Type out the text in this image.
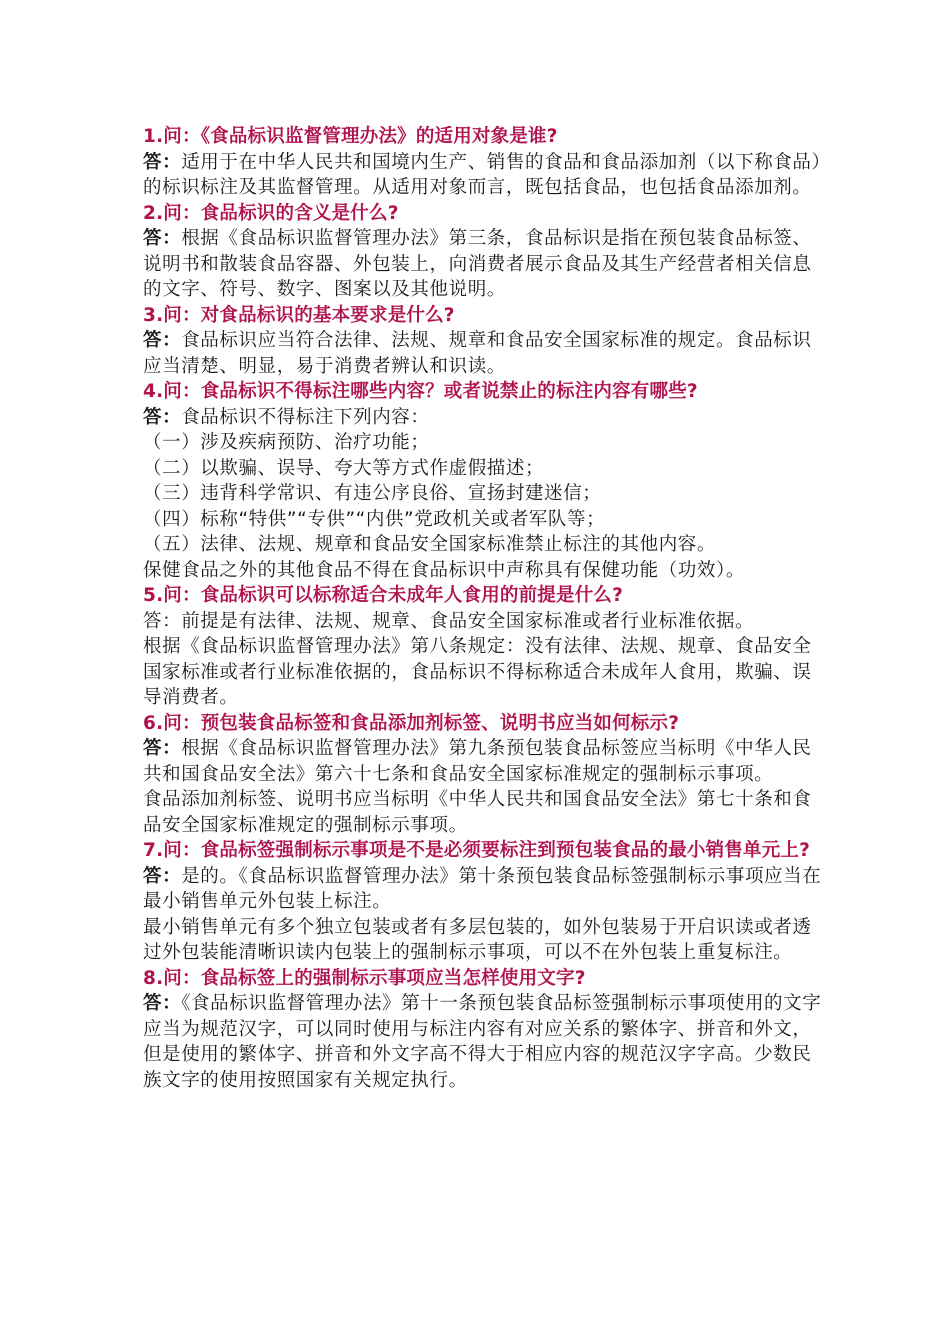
1.问：《食品标识监督管理办法》的适用对象是谁?

答：适用于在中华人民共和国境内生产、销售的食品和食品添加剂（以下称食品）的标识标注及其监督管理。从适用对象而言，既包括食品，也包括食品添加剂。

2.问：食品标识的含义是什么?

答：根据《食品标识监督管理办法》第三条，食品标识是指在预包装食品标签、说明书和散装食品容器、外包装上，向消费者展示食品及其生产经营者相关信息的文字、符号、数字、图案以及其他说明。

3.问：对食品标识的基本要求是什么?

答：食品标识应当符合法律、法规、规章和食品安全国家标准的规定。食品标识应当清楚、明显，易于消费者辨认和识读。

4.问：食品标识不得标注哪些内容？或者说禁止的标注内容有哪些?

答：食品标识不得标注下列内容：

（一）涉及疾病预防、治疗功能；

（二）以欺骗、误导、夸大等方式作虚假描述；

（三）违背科学常识、有违公序良俗、宣扬封建迷信；

（四）标称“特供”“专供”“内供”党政机关或者军队等；

（五）法律、法规、规章和食品安全国家标准禁止标注的其他内容。

保健食品之外的其他食品不得在食品标识中声称具有保健功能（功效）。

5.问：食品标识可以标称适合未成年人食用的前提是什么?

答：前提是有法律、法规、规章、食品安全国家标准或者行业标准依据。

根据《食品标识监督管理办法》第八条规定：没有法律、法规、规章、食品安全国家标准或者行业标准依据的，食品标识不得标称适合未成年人食用，欺骗、误导消费者。

6.问：预包装食品标签和食品添加剂标签、说明书应当如何标示?

答：根据《食品标识监督管理办法》第九条预包装食品标签应当标明《中华人民共和国食品安全法》第六十七条和食品安全国家标准规定的强制标示事项。

食品添加剂标签、说明书应当标明《中华人民共和国食品安全法》第七十条和食品安全国家标准规定的强制标示事项。

7.问：食品标签强制标示事项是不是必须要标注到预包装食品的最小销售单元上?

答：是的。《食品标识监督管理办法》第十条预包装食品标签强制标示事项应当在最小销售单元外包装上标注。

最小销售单元有多个独立包装或者有多层包装的，如外包装易于开启识读或者透过外包装能清晰识读内包装上的强制标示事项，可以不在外包装上重复标注。

8.问：食品标签上的强制标示事项应当怎样使用文字?

答：《食品标识监督管理办法》第十一条预包装食品标签强制标示事项使用的文字应当为规范汉字，可以同时使用与标注内容有对应关系的繁体字、拼音和外文，但是使用的繁体字、拼音和外文字高不得大于相应内容的规范汉字字高。少数民族文字的使用按照国家有关规定执行。
